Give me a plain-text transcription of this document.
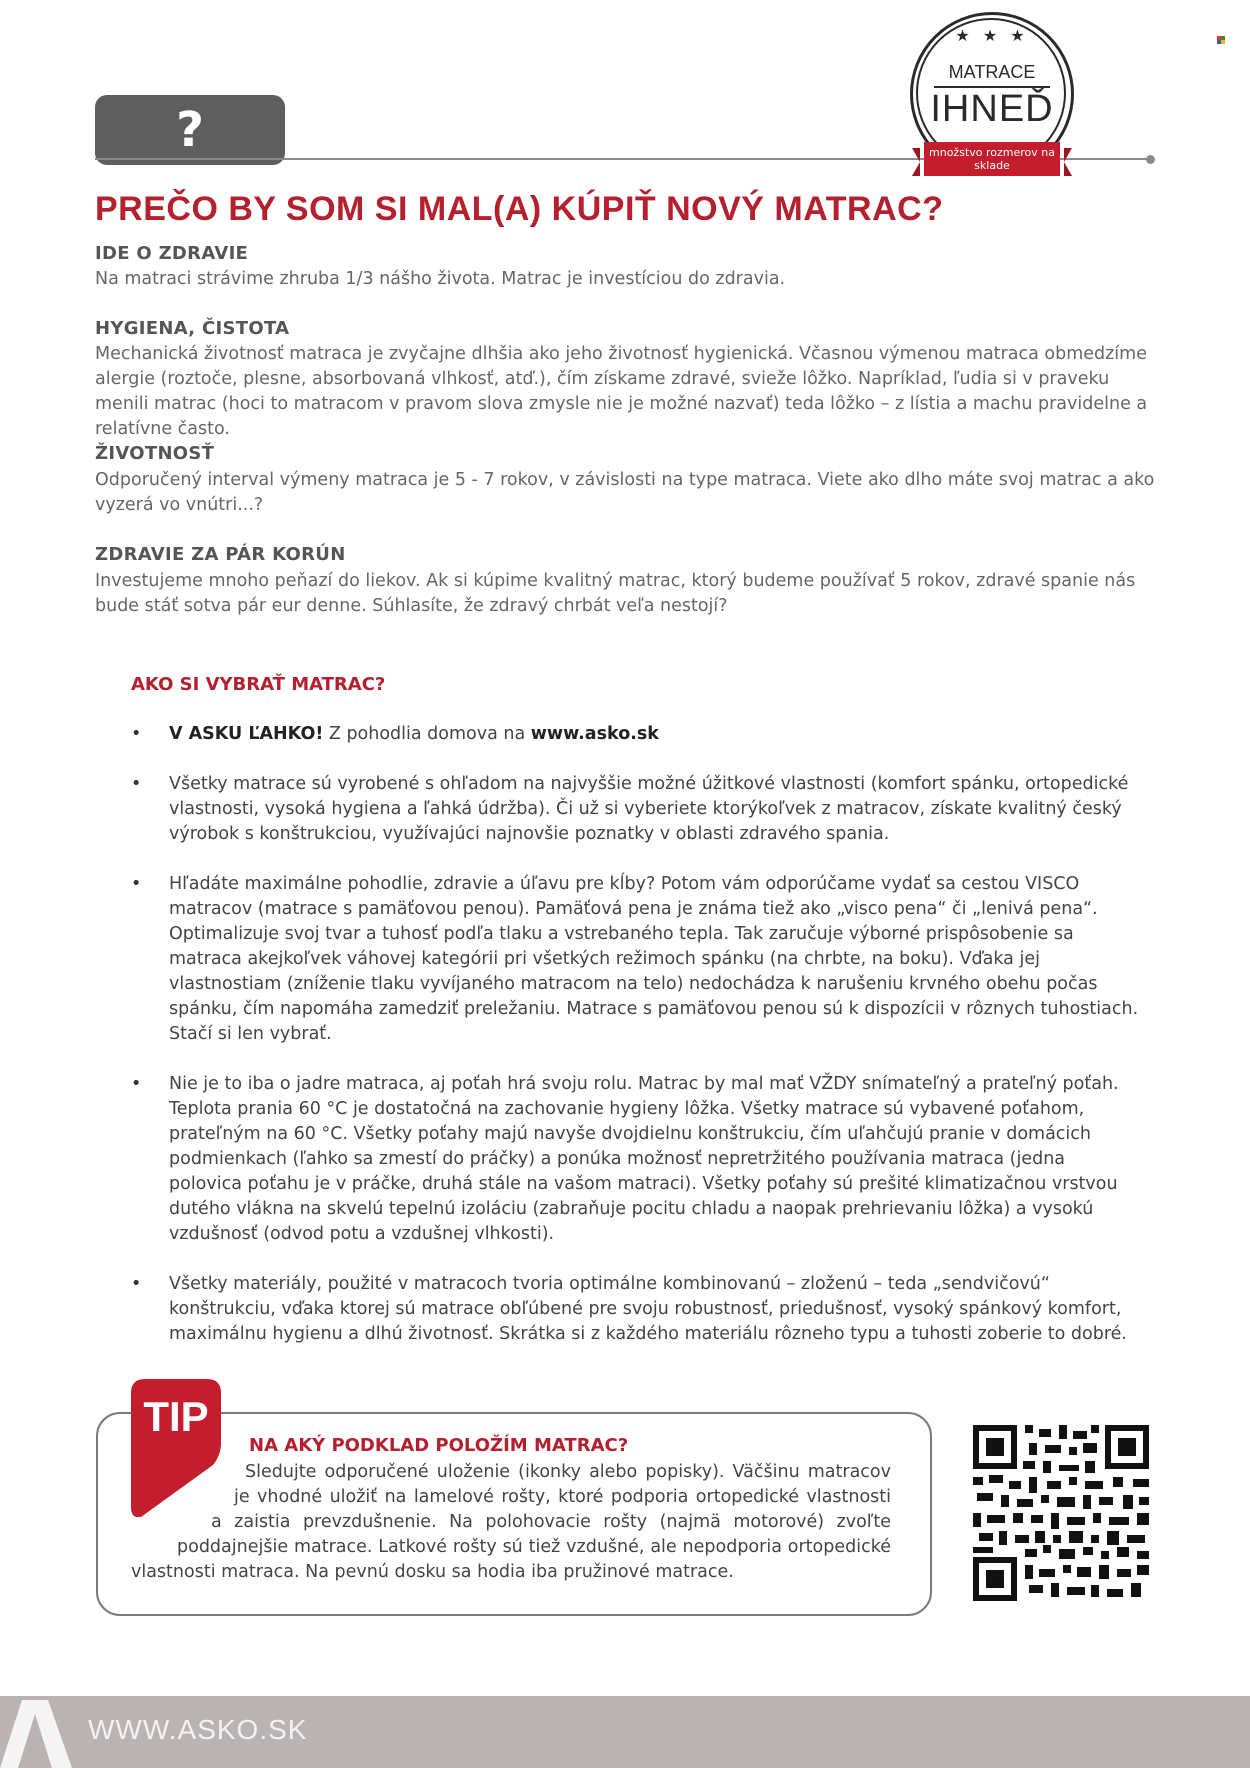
?
★ ★ ★
MATRACE
IHNEĎ
množstvo rozmerov na sklade
PREČO BY SOM SI MAL(A) KÚPIŤ NOVÝ MATRAC?
IDE O ZDRAVIE
Na matraci strávime zhruba 1/3 nášho života. Matrac je investíciou do zdravia.
HYGIENA, ČISTOTA
Mechanická životnosť matraca je zvyčajne dlhšia ako jeho životnosť hygienická. Včasnou výmenou matraca obmedzíme alergie (roztoče, plesne, absorbovaná vlhkosť, atď.), čím získame zdravé, svieže lôžko. Napríklad, ľudia si v praveku menili matrac (hoci to matracom v pravom slova zmysle nie je možné nazvať) teda lôžko – z lístia a machu pravidelne a relatívne často.
ŽIVOTNOSŤ
Odporučený interval výmeny matraca je 5 - 7 rokov, v závislosti na type matraca. Viete ako dlho máte svoj matrac a ako vyzerá vo vnútri...?
ZDRAVIE ZA PÁR KORÚN
Investujeme mnoho peňazí do liekov. Ak si kúpime kvalitný matrac, ktorý budeme používať 5 rokov, zdravé spanie nás bude stáť sotva pár eur denne. Súhlasíte, že zdravý chrbát veľa nestojí?
AKO SI VYBRAŤ MATRAC?
• V ASKU ĽAHKO! Z pohodlia domova na www.asko.sk
• Všetky matrace sú vyrobené s ohľadom na najvyššie možné úžitkové vlastnosti (komfort spánku, ortopedické vlastnosti, vysoká hygiena a ľahká údržba). Či už si vyberiete ktorýkoľvek z matracov, získate kvalitný český výrobok s konštrukciou, využívajúci najnovšie poznatky v oblasti zdravého spania.
• Hľadáte maximálne pohodlie, zdravie a úľavu pre kĺby? Potom vám odporúčame vydať sa cestou VISCO matracov (matrace s pamäťovou penou). Pamäťová pena je známa tiež ako „visco pena“ či „lenivá pena“. Optimalizuje svoj tvar a tuhosť podľa tlaku a vstrebaného tepla. Tak zaručuje výborné prispôsobenie sa matraca akejkoľvek váhovej kategórii pri všetkých režimoch spánku (na chrbte, na boku). Vďaka jej vlastnostiam (zníženie tlaku vyvíjaného matracom na telo) nedochádza k narušeniu krvného obehu počas spánku, čím napomáha zamedziť preležaniu. Matrace s pamäťovou penou sú k dispozícii v rôznych tuhostiach. Stačí si len vybrať.
• Nie je to iba o jadre matraca, aj poťah hrá svoju rolu. Matrac by mal mať VŽDY snímateľný a prateľný poťah. Teplota prania 60 °C je dostatočná na zachovanie hygieny lôžka. Všetky matrace sú vybavené poťahom, prateľným na 60 °C. Všetky poťahy majú navyše dvojdielnu konštrukciu, čím uľahčujú pranie v domácich podmienkach (ľahko sa zmestí do práčky) a ponúka možnosť nepretržitého používania matraca (jedna polovica poťahu je v práčke, druhá stále na vašom matraci). Všetky poťahy sú prešité klimatizačnou vrstvou dutého vlákna na skvelú tepelnú izoláciu (zabraňuje pocitu chladu a naopak prehrievaniu lôžka) a vysokú vzdušnosť (odvod potu a vzdušnej vlhkosti).
• Všetky materiály, použité v matracoch tvoria optimálne kombinovanú – zloženú – teda „sendvičovú“ konštrukciu, vďaka ktorej sú matrace obľúbené pre svoju robustnosť, priedušnosť, vysoký spánkový komfort, maximálnu hygienu a dlhú životnosť. Skrátka si z každého materiálu rôzneho typu a tuhosti zoberie to dobré.
TIP
NA AKÝ PODKLAD POLOŽÍM MATRAC?
Sledujte odporučené uloženie (ikonky alebo popisky). Väčšinu matracov
je vhodné uložiť na lamelové rošty, ktoré podporia ortopedické vlastnosti
a zaistia prevzdušnenie. Na polohovacie rošty (najmä motorové) zvoľte
poddajnejšie matrace. Latkové rošty sú tiež vzdušné, ale nepodporia ortopedické
vlastnosti matraca. Na pevnú dosku sa hodia iba pružinové matrace.
WWW.ASKO.SK
